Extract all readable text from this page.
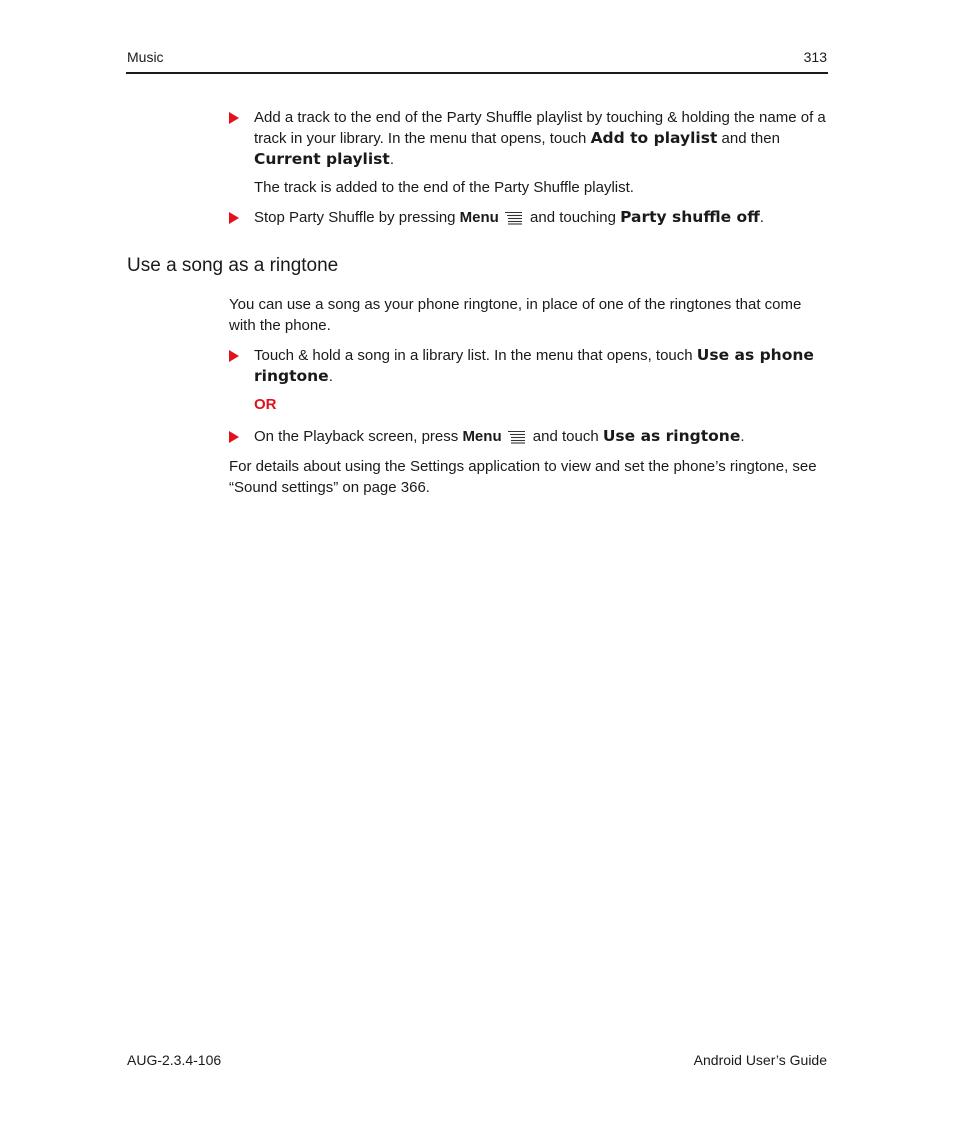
Music	313
Add a track to the end of the Party Shuffle playlist by touching & holding the name of a track in your library. In the menu that opens, touch Add to playlist and then Current playlist.
The track is added to the end of the Party Shuffle playlist.
Stop Party Shuffle by pressing Menu and touching Party shuffle off.
Use a song as a ringtone
You can use a song as your phone ringtone, in place of one of the ringtones that come with the phone.
Touch & hold a song in a library list. In the menu that opens, touch Use as phone ringtone.
OR
On the Playback screen, press Menu and touch Use as ringtone.
For details about using the Settings application to view and set the phone’s ringtone, see “Sound settings” on page 366.
AUG-2.3.4-106	Android User’s Guide
